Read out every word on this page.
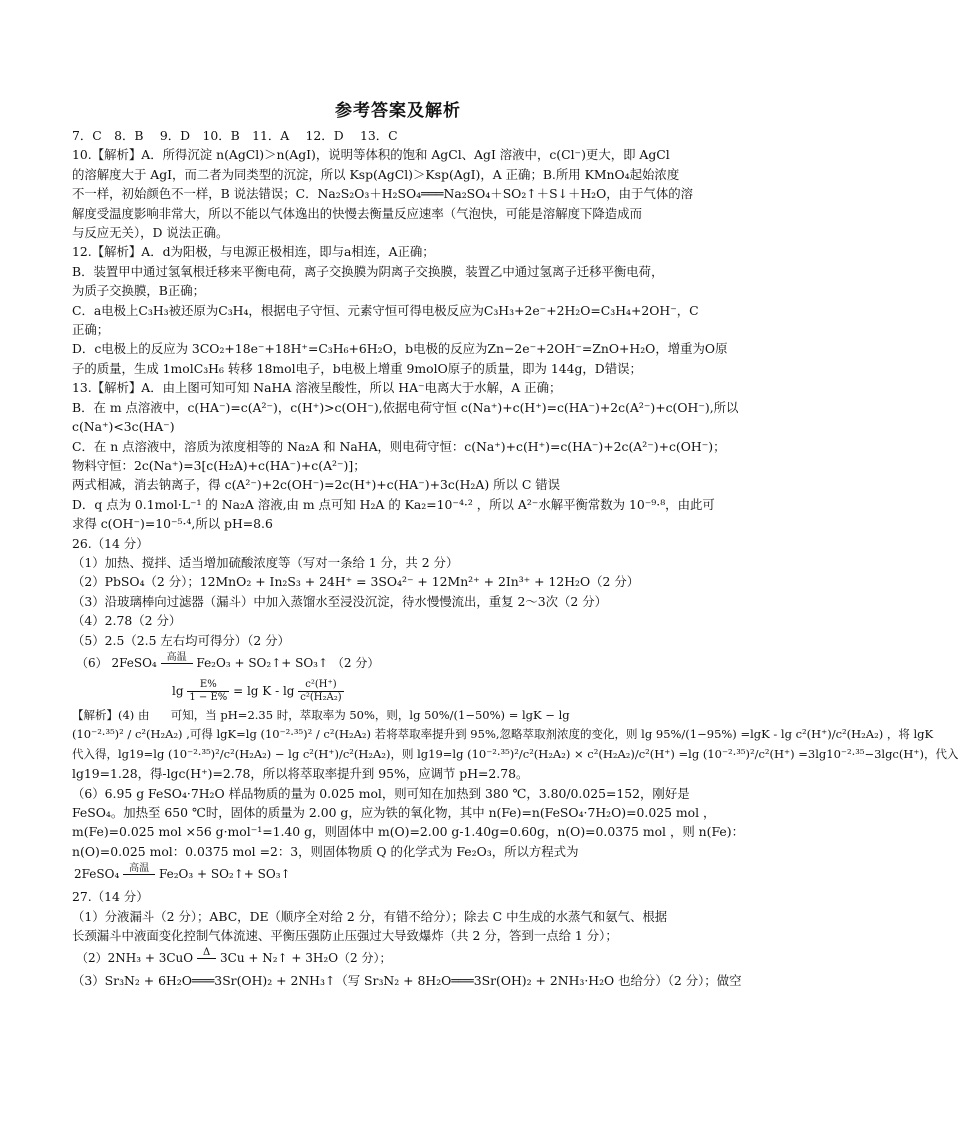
参考答案及解析
7．C　8．B　 9．D　10．B　11．A　 12．D　 13．C
10.【解析】A．所得沉淀 n(AgCl)＞n(AgI)，说明等体积的饱和 AgCl、AgI 溶液中，c(Cl⁻)更大，即 AgCl
的溶解度大于 AgI，而二者为同类型的沉淀，所以 Ksp(AgCl)＞Ksp(AgI)，A 正确；B.所用 KMnO₄起始浓度
不一样，初始颜色不一样，B 说法错误；C．Na₂S₂O₃＋H₂SO₄═══Na₂SO₄＋SO₂↑＋S↓＋H₂O，由于气体的溶
解度受温度影响非常大，所以不能以气体逸出的快慢去衡量反应速率（气泡快，可能是溶解度下降造成而
与反应无关），D 说法正确。
12.【解析】A．d为阳极，与电源正极相连，即与a相连，A正确；
B．装置甲中通过氢氧根迁移来平衡电荷，离子交换膜为阴离子交换膜，装置乙中通过氢离子迁移平衡电荷，
为质子交换膜，B正确；
C．a电极上C₃H₃被还原为C₃H₄，根据电子守恒、元素守恒可得电极反应为C₃H₃+2e⁻+2H₂O=C₃H₄+2OH⁻，C
正确；
D．c电极上的反应为 3CO₂+18e⁻+18H⁺=C₃H₆+6H₂O，b电极的反应为Zn−2e⁻+2OH⁻=ZnO+H₂O，增重为O原
子的质量，生成 1molC₃H₆ 转移 18mol电子，b电极上增重 9molO原子的质量，即为 144g，D错误；
13.【解析】A．由上图可知可知 NaHA 溶液呈酸性，所以 HA⁻电离大于水解，A 正确；
B．在 m 点溶液中，c(HA⁻)=c(A²⁻)，c(H⁺)>c(OH⁻),依据电荷守恒 c(Na⁺)+c(H⁺)=c(HA⁻)+2c(A²⁻)+c(OH⁻),所以
c(Na⁺)<3c(HA⁻)
C．在 n 点溶液中，溶质为浓度相等的 Na₂A 和 NaHA，则电荷守恒：c(Na⁺)+c(H⁺)=c(HA⁻)+2c(A²⁻)+c(OH⁻)；
物料守恒：2c(Na⁺)=3[c(H₂A)+c(HA⁻)+c(A²⁻)]；
两式相减，消去钠离子，得 c(A²⁻)+2c(OH⁻)=2c(H⁺)+c(HA⁻)+3c(H₂A) 所以 C 错误
D．q 点为 0.1mol·L⁻¹ 的 Na₂A 溶液,由 m 点可知 H₂A 的 Ka₂=10⁻⁴·² ，所以 A²⁻水解平衡常数为 10⁻⁹·⁸，由此可
求得 c(OH⁻)=10⁻⁵·⁴,所以 pH=8.6
26.（14 分）
（1）加热、搅拌、适当增加硫酸浓度等（写对一条给 1 分，共 2 分）
（2）PbSO₄（2 分）；12MnO₂ + In₂S₃ + 24H⁺ = 3SO₄²⁻ + 12Mn²⁺ + 2In³⁺ + 12H₂O（2 分）
（3）沿玻璃棒向过滤器（漏斗）中加入蒸馏水至浸没沉淀，待水慢慢流出，重复 2～3次（2 分）
（4）2.78（2 分）
（5）2.5（2.5 左右均可得分）（2 分）
（6） 2FeSO₄ 高温 Fe₂O₃ + SO₂↑+ SO₃↑ （2 分）
$\lg \frac{E\%}{1 - E\%} = \lg K - \lg \frac{\text{c²(H⁺)}}{\text{c²(H₂A₂)}}$
【解析】(4) 由 可知，当 pH=2.35 时，萃取率为 50%，则，lg 50%/(1−50%) = lgK − lg
(10⁻²·³⁵)² / c²(H₂A₂) ,可得 lgK=lg (10⁻²·³⁵)² / c²(H₂A₂) 若将萃取率提升到 95%,忽略萃取剂浓度的变化，则 lg 95%/(1−95%) =lgK - lg c²(H⁺)/c²(H₂A₂) ，将 lgK
代入得，lg19=lg (10⁻²·³⁵)²/c²(H₂A₂) − lg c²(H⁺)/c²(H₂A₂)，则 lg19=lg (10⁻²·³⁵)²/c²(H₂A₂) × c²(H₂A₂)/c²(H⁺) =lg (10⁻²·³⁵)²/c²(H⁺) =3lg10⁻²·³⁵−3lgc(H⁺)，代入
lg19=1.28，得-lgc(H⁺)=2.78，所以将萃取率提升到 95%，应调节 pH=2.78。
（6）6.95 g FeSO₄·7H₂O 样品物质的量为 0.025 mol，则可知在加热到 380 ℃，3.80/0.025=152，刚好是
FeSO₄。加热至 650 ℃时，固体的质量为 2.00 g，应为铁的氧化物，其中 n(Fe)=n(FeSO₄·7H₂O)=0.025 mol ，
m(Fe)=0.025 mol ×56 g·mol⁻¹=1.40 g，则固体中 m(O)=2.00 g-1.40g=0.60g，n(O)=0.0375 mol ，则 n(Fe)：
n(O)=0.025 mol：0.0375 mol =2：3，则固体物质 Q 的化学式为 Fe₂O₃，所以方程式为
2FeSO₄ 高温 Fe₂O₃ + SO₂↑+ SO₃↑
27.（14 分）
（1）分液漏斗（2 分）；ABC，DE（顺序全对给 2 分，有错不给分）；除去 C 中生成的水蒸气和氨气、根据
长颈漏斗中液面变化控制气体流速、平衡压强防止压强过大导致爆炸（共 2 分，答到一点给 1 分）；
（2）2NH₃ + 3CuO Δ 3Cu + N₂↑ + 3H₂O（2 分）；
（3）Sr₃N₂ + 6H₂O═══3Sr(OH)₂ + 2NH₃↑（写 Sr₃N₂ + 8H₂O═══3Sr(OH)₂ + 2NH₃·H₂O 也给分）（2 分）；做空
